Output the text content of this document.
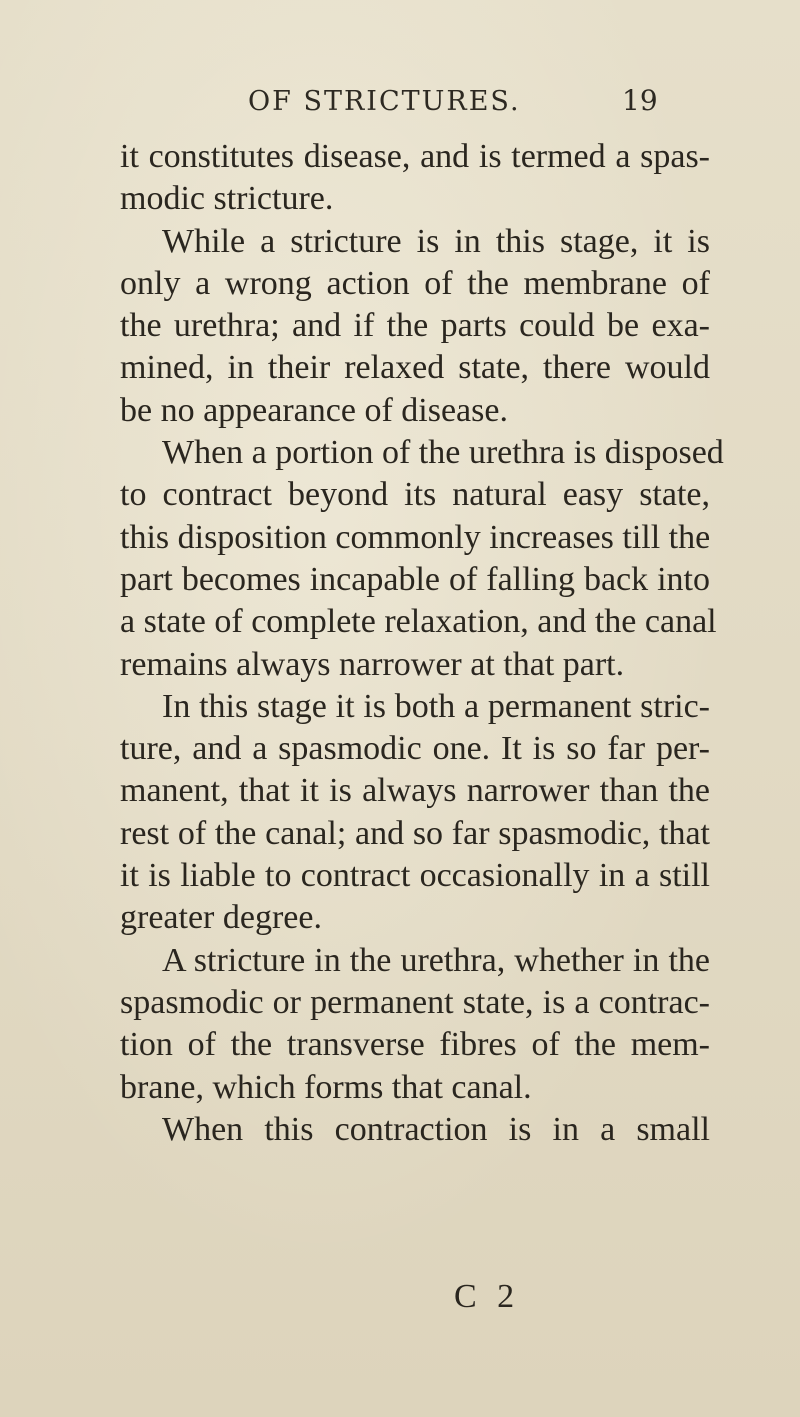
OF STRICTURES.	19
it constitutes disease, and is termed a spas-
modic stricture.
While a stricture is in this stage, it is
only a wrong action of the membrane of
the urethra; and if the parts could be exa-
mined, in their relaxed state, there would
be no appearance of disease.
When a portion of the urethra is disposed
to contract beyond its natural easy state,
this disposition commonly increases till the
part becomes incapable of falling back into
a state of complete relaxation, and the canal
remains always narrower at that part.
In this stage it is both a permanent stric-
ture, and a spasmodic one. It is so far per-
manent, that it is always narrower than the
rest of the canal; and so far spasmodic, that
it is liable to contract occasionally in a still
greater degree.
A stricture in the urethra, whether in the
spasmodic or permanent state, is a contrac-
tion of the transverse fibres of the mem-
brane, which forms that canal.
When this contraction is in a small
C 2
